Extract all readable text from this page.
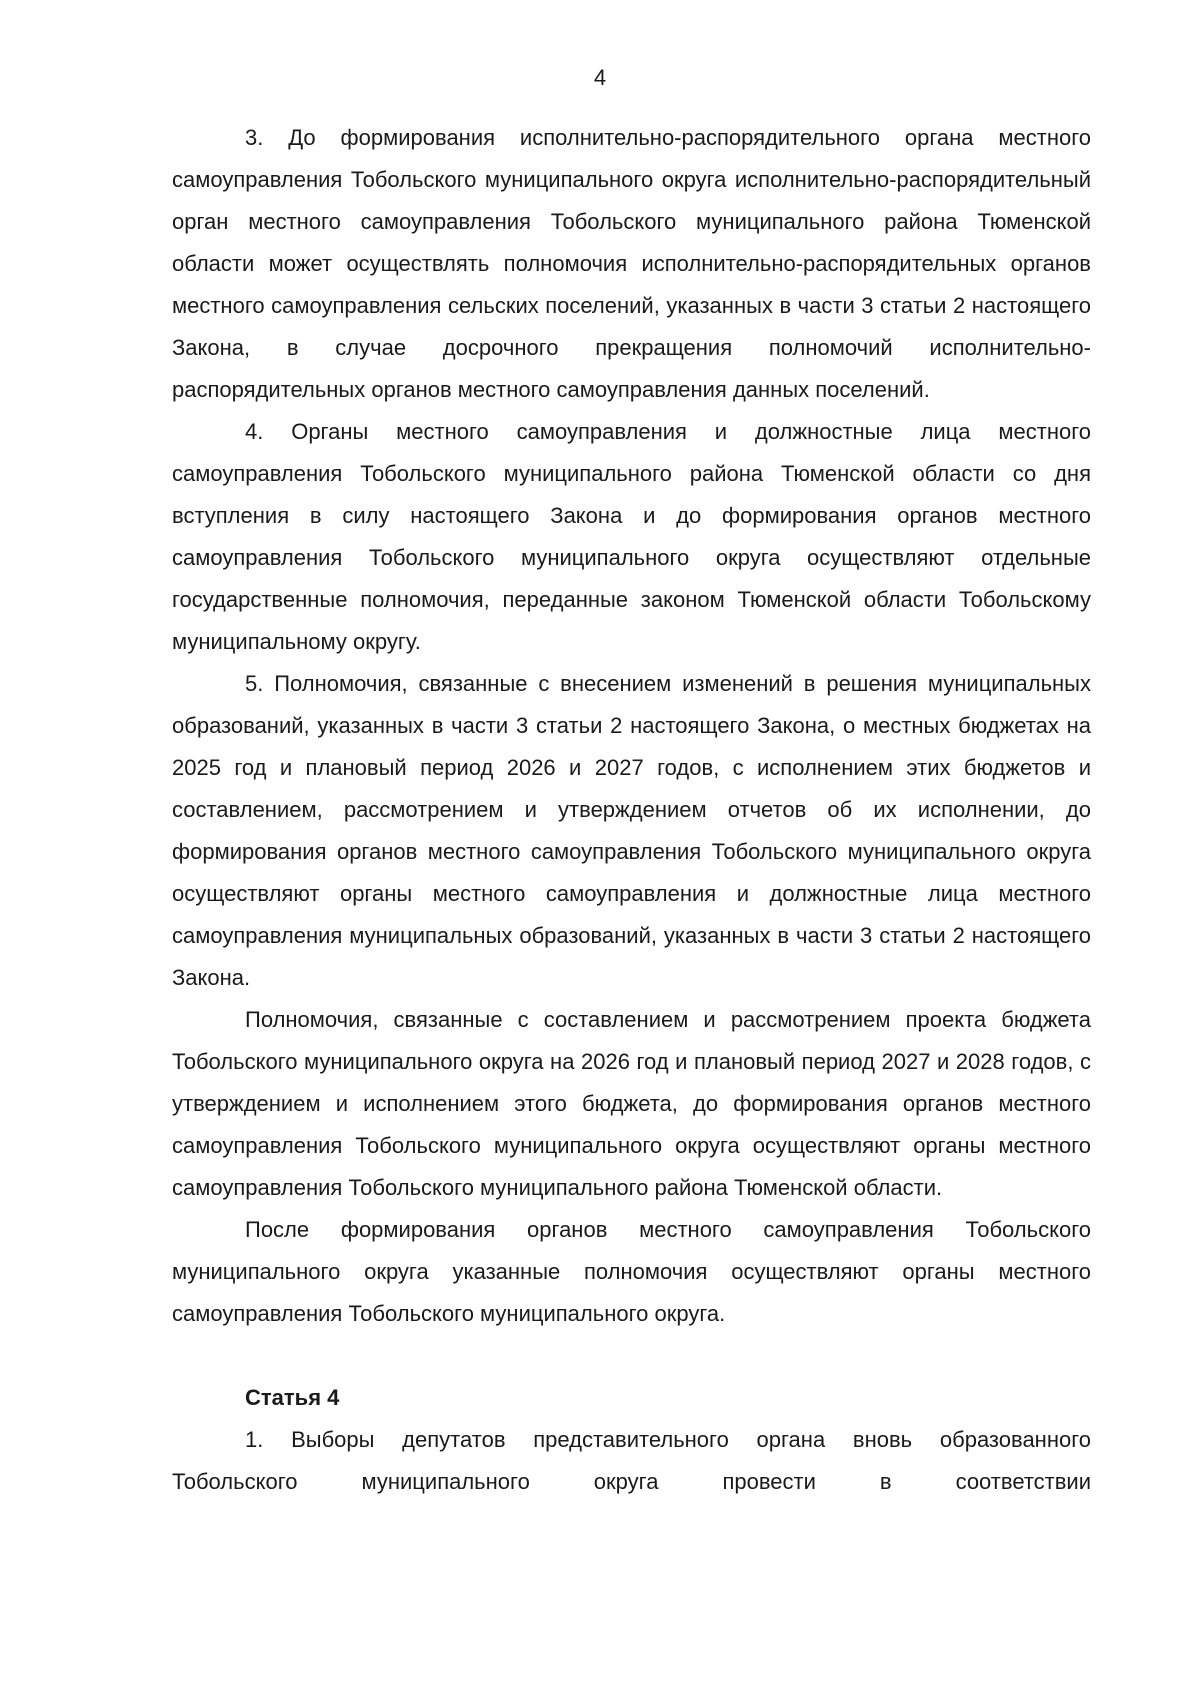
4

3. До формирования исполнительно-распорядительного органа местного самоуправления Тобольского муниципального округа исполнительно-распорядительный орган местного самоуправления Тобольского муниципального района Тюменской области может осуществлять полномочия исполнительно-распорядительных органов местного самоуправления сельских поселений, указанных в части 3 статьи 2 настоящего Закона, в случае досрочного прекращения полномочий исполнительно-распорядительных органов местного самоуправления данных поселений.

4. Органы местного самоуправления и должностные лица местного самоуправления Тобольского муниципального района Тюменской области со дня вступления в силу настоящего Закона и до формирования органов местного самоуправления Тобольского муниципального округа осуществляют отдельные государственные полномочия, переданные законом Тюменской области Тобольскому муниципальному округу.

5. Полномочия, связанные с внесением изменений в решения муниципальных образований, указанных в части 3 статьи 2 настоящего Закона, о местных бюджетах на 2025 год и плановый период 2026 и 2027 годов, с исполнением этих бюджетов и составлением, рассмотрением и утверждением отчетов об их исполнении, до формирования органов местного самоуправления Тобольского муниципального округа осуществляют органы местного самоуправления и должностные лица местного самоуправления муниципальных образований, указанных в части 3 статьи 2 настоящего Закона.

Полномочия, связанные с составлением и рассмотрением проекта бюджета Тобольского муниципального округа на 2026 год и плановый период 2027 и 2028 годов, с утверждением и исполнением этого бюджета, до формирования органов местного самоуправления Тобольского муниципального округа осуществляют органы местного самоуправления Тобольского муниципального района Тюменской области.

После формирования органов местного самоуправления Тобольского муниципального округа указанные полномочия осуществляют органы местного самоуправления Тобольского муниципального округа.

Статья 4

1. Выборы депутатов представительного органа вновь образованного Тобольского муниципального округа провести в соответствии
